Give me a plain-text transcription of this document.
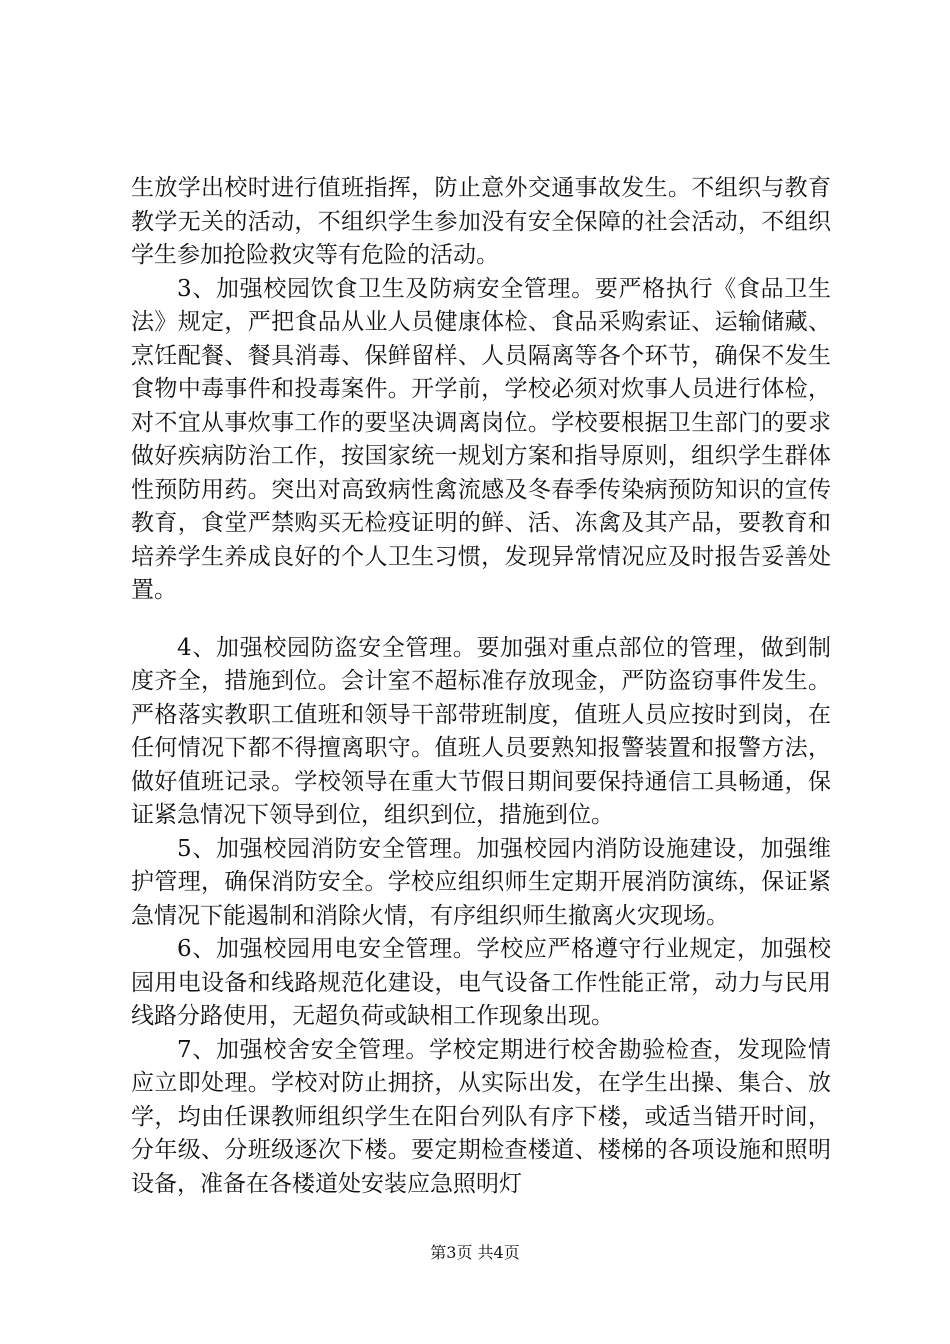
生放学出校时进行值班指挥，防止意外交通事故发生。不组织与教育教学无关的活动，不组织学生参加没有安全保障的社会活动，不组织学生参加抢险救灾等有危险的活动。

3、加强校园饮食卫生及防病安全管理。要严格执行《食品卫生法》规定，严把食品从业人员健康体检、食品采购索证、运输储藏、烹饪配餐、餐具消毒、保鲜留样、人员隔离等各个环节，确保不发生食物中毒事件和投毒案件。开学前，学校必须对炊事人员进行体检，对不宜从事炊事工作的要坚决调离岗位。学校要根据卫生部门的要求做好疾病防治工作，按国家统一规划方案和指导原则，组织学生群体性预防用药。突出对高致病性禽流感及冬春季传染病预防知识的宣传教育，食堂严禁购买无检疫证明的鲜、活、冻禽及其产品，要教育和培养学生养成良好的个人卫生习惯，发现异常情况应及时报告妥善处置。

4、加强校园防盗安全管理。要加强对重点部位的管理，做到制度齐全，措施到位。会计室不超标准存放现金，严防盗窃事件发生。严格落实教职工值班和领导干部带班制度，值班人员应按时到岗，在任何情况下都不得擅离职守。值班人员要熟知报警装置和报警方法，做好值班记录。学校领导在重大节假日期间要保持通信工具畅通，保证紧急情况下领导到位，组织到位，措施到位。

5、加强校园消防安全管理。加强校园内消防设施建设，加强维护管理，确保消防安全。学校应组织师生定期开展消防演练，保证紧急情况下能遏制和消除火情，有序组织师生撤离火灾现场。

6、加强校园用电安全管理。学校应严格遵守行业规定，加强校园用电设备和线路规范化建设，电气设备工作性能正常，动力与民用线路分路使用，无超负荷或缺相工作现象出现。

7、加强校舍安全管理。学校定期进行校舍勘验检查，发现险情应立即处理。学校对防止拥挤，从实际出发，在学生出操、集合、放学，均由任课教师组织学生在阳台列队有序下楼，或适当错开时间，分年级、分班级逐次下楼。要定期检查楼道、楼梯的各项设施和照明设备，准备在各楼道处安装应急照明灯

第3页 共4页
